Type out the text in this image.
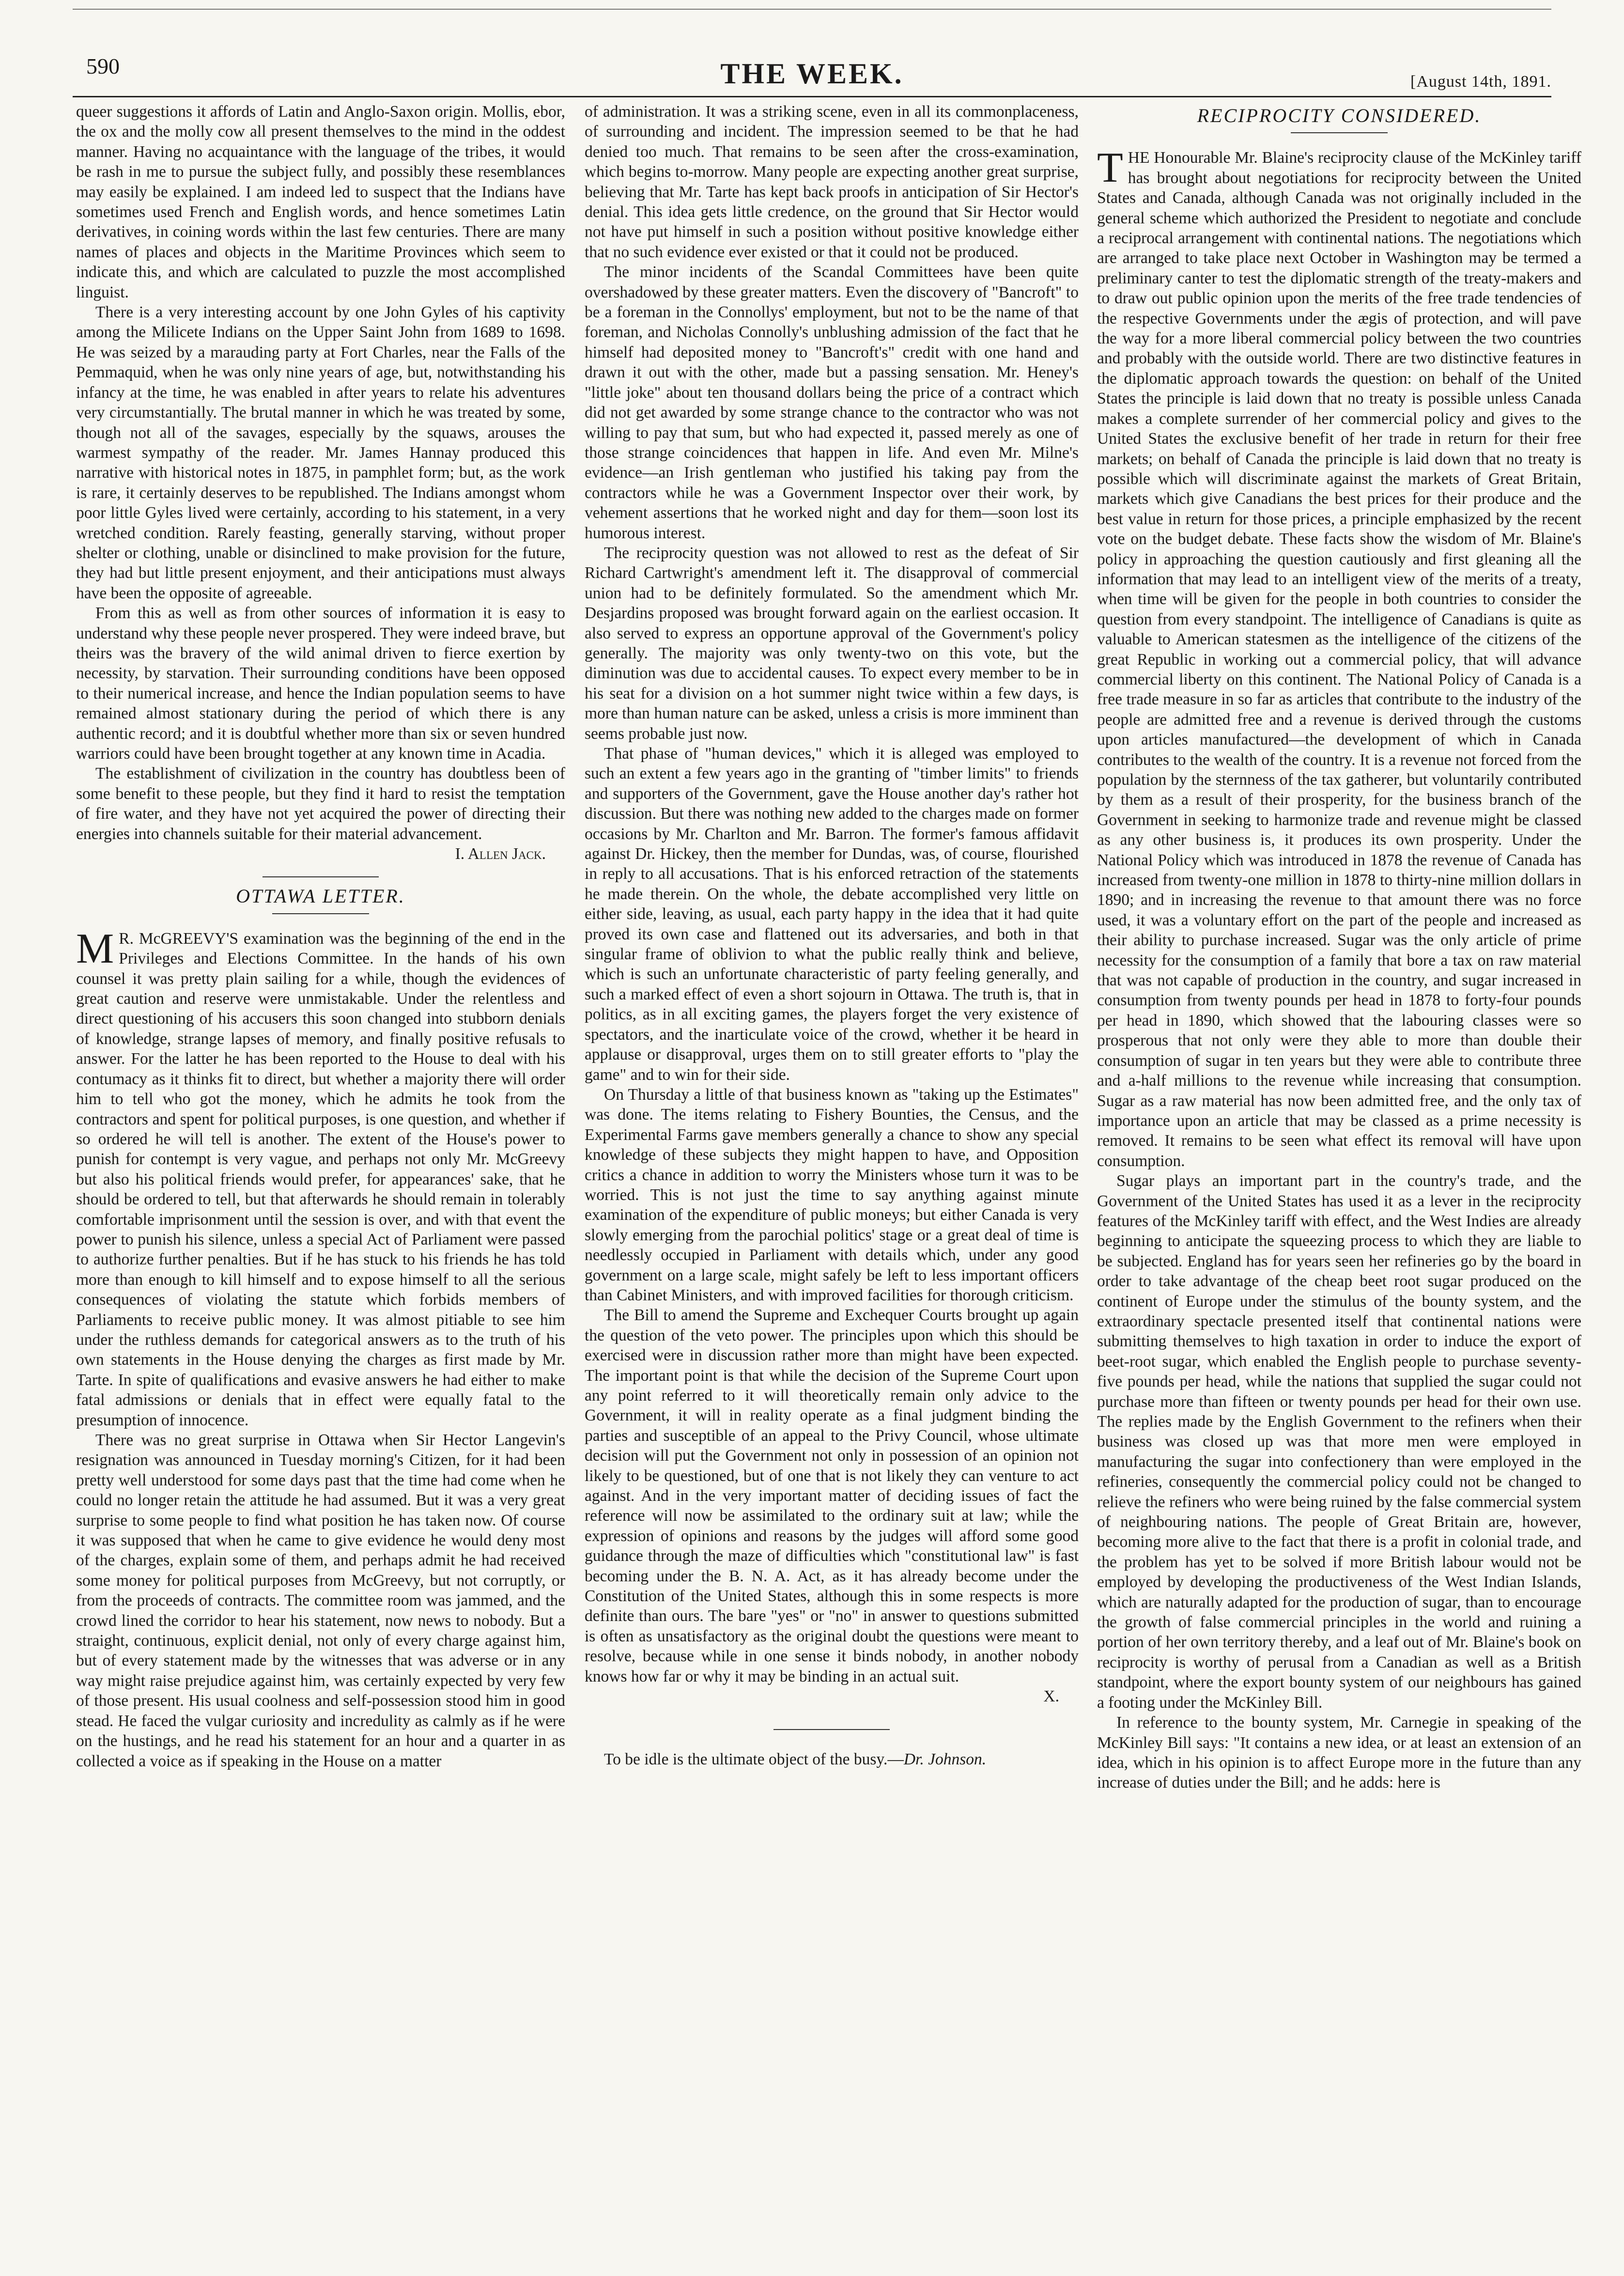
590	THE WEEK.	[August 14th, 1891.

queer suggestions it affords of Latin and Anglo-Saxon origin. Mollis, ebor, the ox and the molly cow all present themselves to the mind in the oddest manner. Having no acquaintance with the language of the tribes, it would be rash in me to pursue the subject fully, and possibly these resemblances may easily be explained. I am indeed led to suspect that the Indians have sometimes used French and English words, and hence sometimes Latin derivatives, in coining words within the last few centuries. There are many names of places and objects in the Maritime Provinces which seem to indicate this, and which are calculated to puzzle the most accomplished linguist.

There is a very interesting account by one John Gyles of his captivity among the Milicete Indians on the Upper Saint John from 1689 to 1698. He was seized by a marauding party at Fort Charles, near the Falls of the Pemmaquid, when he was only nine years of age, but, notwithstanding his infancy at the time, he was enabled in after years to relate his adventures very circumstantially. The brutal manner in which he was treated by some, though not all of the savages, especially by the squaws, arouses the warmest sympathy of the reader. Mr. James Hannay produced this narrative with historical notes in 1875, in pamphlet form; but, as the work is rare, it certainly deserves to be republished. The Indians amongst whom poor little Gyles lived were certainly, according to his statement, in a very wretched condition. Rarely feasting, generally starving, without proper shelter or clothing, unable or disinclined to make provision for the future, they had but little present enjoyment, and their anticipations must always have been the opposite of agreeable.

From this as well as from other sources of information it is easy to understand why these people never prospered. They were indeed brave, but theirs was the bravery of the wild animal driven to fierce exertion by necessity, by starvation. Their surrounding conditions have been opposed to their numerical increase, and hence the Indian population seems to have remained almost stationary during the period of which there is any authentic record; and it is doubtful whether more than six or seven hundred warriors could have been brought together at any known time in Acadia.

The establishment of civilization in the country has doubtless been of some benefit to these people, but they find it hard to resist the temptation of fire water, and they have not yet acquired the power of directing their energies into channels suitable for their material advancement.

I. Allen Jack.
OTTAWA LETTER.

M R. McGREEVY'S examination was the beginning of the end in the Privileges and Elections Committee. In the hands of his own counsel it was pretty plain sailing for a while, though the evidences of great caution and reserve were unmistakable. Under the relentless and direct questioning of his accusers this soon changed into stubborn denials of knowledge, strange lapses of memory, and finally positive refusals to answer. For the latter he has been reported to the House to deal with his contumacy as it thinks fit to direct, but whether a majority there will order him to tell who got the money, which he admits he took from the contractors and spent for political purposes, is one question, and whether if so ordered he will tell is another. The extent of the House's power to punish for contempt is very vague, and perhaps not only Mr. McGreevy but also his political friends would prefer, for appearances' sake, that he should be ordered to tell, but that afterwards he should remain in tolerably comfortable imprisonment until the session is over, and with that event the power to punish his silence, unless a special Act of Parliament were passed to authorize further penalties. But if he has stuck to his friends he has told more than enough to kill himself and to expose himself to all the serious consequences of violating the statute which forbids members of Parliaments to receive public money. It was almost pitiable to see him under the ruthless demands for categorical answers as to the truth of his own statements in the House denying the charges as first made by Mr. Tarte. In spite of qualifications and evasive answers he had either to make fatal admissions or denials that in effect were equally fatal to the presumption of innocence.

There was no great surprise in Ottawa when Sir Hector Langevin's resignation was announced in Tuesday morning's Citizen, for it had been pretty well understood for some days past that the time had come when he could no longer retain the attitude he had assumed. But it was a very great surprise to some people to find what position he has taken now. Of course it was supposed that when he came to give evidence he would deny most of the charges, explain some of them, and perhaps admit he had received some money for political purposes from McGreevy, but not corruptly, or from the proceeds of contracts. The committee room was jammed, and the crowd lined the corridor to hear his statement, now news to nobody. But a straight, continuous, explicit denial, not only of every charge against him, but of every statement made by the witnesses that was adverse or in any way might raise prejudice against him, was certainly expected by very few of those present. His usual coolness and self-possession stood him in good stead. He faced the vulgar curiosity and incredulity as calmly as if he were on the hustings, and he read his statement for an hour and a quarter in as collected a voice as if speaking in the House on a matter

of administration. It was a striking scene, even in all its commonplaceness, of surrounding and incident. The impression seemed to be that he had denied too much. That remains to be seen after the cross-examination, which begins to-morrow. Many people are expecting another great surprise, believing that Mr. Tarte has kept back proofs in anticipation of Sir Hector's denial. This idea gets little credence, on the ground that Sir Hector would not have put himself in such a position without positive knowledge either that no such evidence ever existed or that it could not be produced.

The minor incidents of the Scandal Committees have been quite overshadowed by these greater matters. Even the discovery of "Bancroft" to be a foreman in the Connollys' employment, but not to be the name of that foreman, and Nicholas Connolly's unblushing admission of the fact that he himself had deposited money to "Bancroft's" credit with one hand and drawn it out with the other, made but a passing sensation. Mr. Heney's "little joke" about ten thousand dollars being the price of a contract which did not get awarded by some strange chance to the contractor who was not willing to pay that sum, but who had expected it, passed merely as one of those strange coincidences that happen in life. And even Mr. Milne's evidence—an Irish gentleman who justified his taking pay from the contractors while he was a Government Inspector over their work, by vehement assertions that he worked night and day for them—soon lost its humorous interest.

The reciprocity question was not allowed to rest as the defeat of Sir Richard Cartwright's amendment left it. The disapproval of commercial union had to be definitely formulated. So the amendment which Mr. Desjardins proposed was brought forward again on the earliest occasion. It also served to express an opportune approval of the Government's policy generally. The majority was only twenty-two on this vote, but the diminution was due to accidental causes. To expect every member to be in his seat for a division on a hot summer night twice within a few days, is more than human nature can be asked, unless a crisis is more imminent than seems probable just now.

That phase of "human devices," which it is alleged was employed to such an extent a few years ago in the granting of "timber limits" to friends and supporters of the Government, gave the House another day's rather hot discussion. But there was nothing new added to the charges made on former occasions by Mr. Charlton and Mr. Barron. The former's famous affidavit against Dr. Hickey, then the member for Dundas, was, of course, flourished in reply to all accusations. That is his enforced retraction of the statements he made therein. On the whole, the debate accomplished very little on either side, leaving, as usual, each party happy in the idea that it had quite proved its own case and flattened out its adversaries, and both in that singular frame of oblivion to what the public really think and believe, which is such an unfortunate characteristic of party feeling generally, and such a marked effect of even a short sojourn in Ottawa. The truth is, that in politics, as in all exciting games, the players forget the very existence of spectators, and the inarticulate voice of the crowd, whether it be heard in applause or disapproval, urges them on to still greater efforts to "play the game" and to win for their side.

On Thursday a little of that business known as "taking up the Estimates" was done. The items relating to Fishery Bounties, the Census, and the Experimental Farms gave members generally a chance to show any special knowledge of these subjects they might happen to have, and Opposition critics a chance in addition to worry the Ministers whose turn it was to be worried. This is not just the time to say anything against minute examination of the expenditure of public moneys; but either Canada is very slowly emerging from the parochial politics' stage or a great deal of time is needlessly occupied in Parliament with details which, under any good government on a large scale, might safely be left to less important officers than Cabinet Ministers, and with improved facilities for thorough criticism.

The Bill to amend the Supreme and Exchequer Courts brought up again the question of the veto power. The principles upon which this should be exercised were in discussion rather more than might have been expected. The important point is that while the decision of the Supreme Court upon any point referred to it will theoretically remain only advice to the Government, it will in reality operate as a final judgment binding the parties and susceptible of an appeal to the Privy Council, whose ultimate decision will put the Government not only in possession of an opinion not likely to be questioned, but of one that is not likely they can venture to act against. And in the very important matter of deciding issues of fact the reference will now be assimilated to the ordinary suit at law; while the expression of opinions and reasons by the judges will afford some good guidance through the maze of difficulties which "constitutional law" is fast becoming under the B. N. A. Act, as it has already become under the Constitution of the United States, although this in some respects is more definite than ours. The bare "yes" or "no" in answer to questions submitted is often as unsatisfactory as the original doubt the questions were meant to resolve, because while in one sense it binds nobody, in another nobody knows how far or why it may be binding in an actual suit.

X.

To be idle is the ultimate object of the busy.—Dr. Johnson.

RECIPROCITY CONSIDERED.

THE Honourable Mr. Blaine's reciprocity clause of the McKinley tariff has brought about negotiations for reciprocity between the United States and Canada, although Canada was not originally included in the general scheme which authorized the President to negotiate and conclude a reciprocal arrangement with continental nations. The negotiations which are arranged to take place next October in Washington may be termed a preliminary canter to test the diplomatic strength of the treaty-makers and to draw out public opinion upon the merits of the free trade tendencies of the respective Governments under the ægis of protection, and will pave the way for a more liberal commercial policy between the two countries and probably with the outside world. There are two distinctive features in the diplomatic approach towards the question: on behalf of the United States the principle is laid down that no treaty is possible unless Canada makes a complete surrender of her commercial policy and gives to the United States the exclusive benefit of her trade in return for their free markets; on behalf of Canada the principle is laid down that no treaty is possible which will discriminate against the markets of Great Britain, markets which give Canadians the best prices for their produce and the best value in return for those prices, a principle emphasized by the recent vote on the budget debate. These facts show the wisdom of Mr. Blaine's policy in approaching the question cautiously and first gleaning all the information that may lead to an intelligent view of the merits of a treaty, when time will be given for the people in both countries to consider the question from every standpoint. The intelligence of Canadians is quite as valuable to American statesmen as the intelligence of the citizens of the great Republic in working out a commercial policy, that will advance commercial liberty on this continent. The National Policy of Canada is a free trade measure in so far as articles that contribute to the industry of the people are admitted free and a revenue is derived through the customs upon articles manufactured—the development of which in Canada contributes to the wealth of the country. It is a revenue not forced from the population by the sternness of the tax gatherer, but voluntarily contributed by them as a result of their prosperity, for the business branch of the Government in seeking to harmonize trade and revenue might be classed as any other business is, it produces its own prosperity. Under the National Policy which was introduced in 1878 the revenue of Canada has increased from twenty-one million in 1878 to thirty-nine million dollars in 1890; and in increasing the revenue to that amount there was no force used, it was a voluntary effort on the part of the people and increased as their ability to purchase increased. Sugar was the only article of prime necessity for the consumption of a family that bore a tax on raw material that was not capable of production in the country, and sugar increased in consumption from twenty pounds per head in 1878 to forty-four pounds per head in 1890, which showed that the labouring classes were so prosperous that not only were they able to more than double their consumption of sugar in ten years but they were able to contribute three and a-half millions to the revenue while increasing that consumption. Sugar as a raw material has now been admitted free, and the only tax of importance upon an article that may be classed as a prime necessity is removed. It remains to be seen what effect its removal will have upon consumption.

Sugar plays an important part in the country's trade, and the Government of the United States has used it as a lever in the reciprocity features of the McKinley tariff with effect, and the West Indies are already beginning to anticipate the squeezing process to which they are liable to be subjected. England has for years seen her refineries go by the board in order to take advantage of the cheap beet root sugar produced on the continent of Europe under the stimulus of the bounty system, and the extraordinary spectacle presented itself that continental nations were submitting themselves to high taxation in order to induce the export of beet-root sugar, which enabled the English people to purchase seventy-five pounds per head, while the nations that supplied the sugar could not purchase more than fifteen or twenty pounds per head for their own use. The replies made by the English Government to the refiners when their business was closed up was that more men were employed in manufacturing the sugar into confectionery than were employed in the refineries, consequently the commercial policy could not be changed to relieve the refiners who were being ruined by the false commercial system of neighbouring nations. The people of Great Britain are, however, becoming more alive to the fact that there is a profit in colonial trade, and the problem has yet to be solved if more British labour would not be employed by developing the productiveness of the West Indian Islands, which are naturally adapted for the production of sugar, than to encourage the growth of false commercial principles in the world and ruining a portion of her own territory thereby, and a leaf out of Mr. Blaine's book on reciprocity is worthy of perusal from a Canadian as well as a British standpoint, where the export bounty system of our neighbours has gained a footing under the McKinley Bill.

In reference to the bounty system, Mr. Carnegie in speaking of the McKinley Bill says: "It contains a new idea, or at least an extension of an idea, which in his opinion is to affect Europe more in the future than any increase of duties under the Bill; and he adds: here is
